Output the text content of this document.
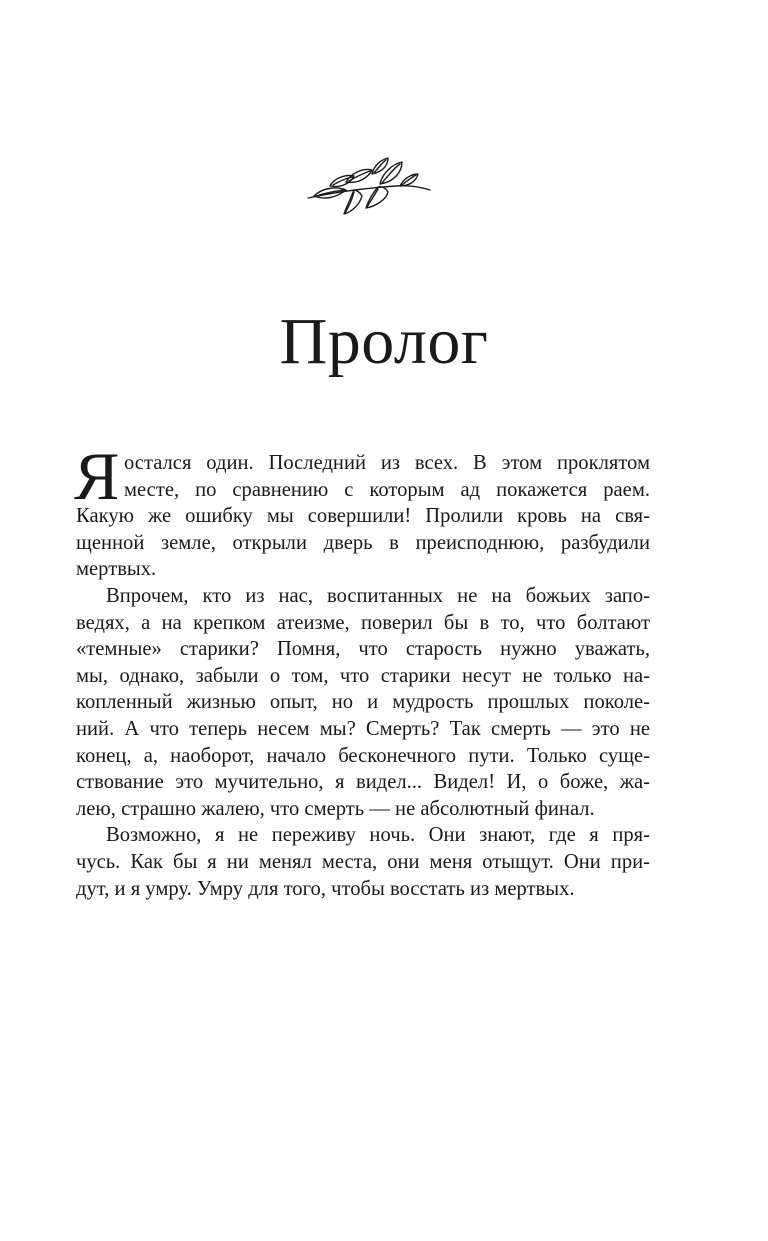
Пролог
Я остался один. Последний из всех. В этом проклятом
месте, по сравнению с которым ад покажется раем.
Какую же ошибку мы совершили! Пролили кровь на свя-
щенной земле, открыли дверь в преисподнюю, разбудили
мертвых.
Впрочем, кто из нас, воспитанных не на божьих запо-
ведях, а на крепком атеизме, поверил бы в то, что болтают
«темные» старики? Помня, что старость нужно уважать,
мы, однако, забыли о том, что старики несут не только на-
копленный жизнью опыт, но и мудрость прошлых поколе-
ний. А что теперь несем мы? Смерть? Так смерть — это не
конец, а, наоборот, начало бесконечного пути. Только суще-
ствование это мучительно, я видел... Видел! И, о боже, жа-
лею, страшно жалею, что смерть — не абсолютный финал.
Возможно, я не переживу ночь. Они знают, где я пря-
чусь. Как бы я ни менял места, они меня отыщут. Они при-
дут, и я умру. Умру для того, чтобы восстать из мертвых.
